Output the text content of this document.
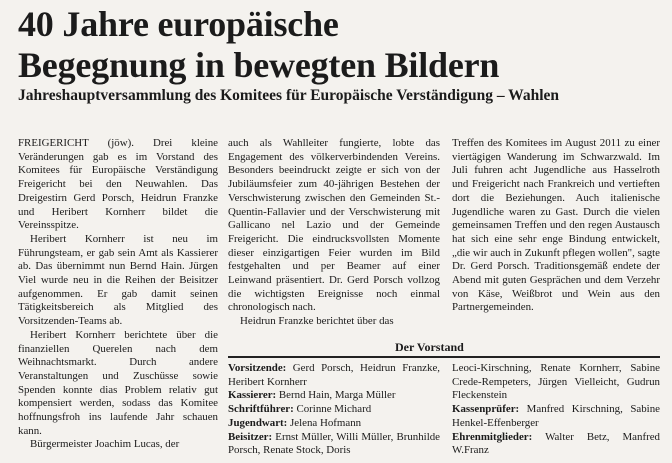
40 Jahre europäische
Begegnung in bewegten Bildern
Jahreshauptversammlung des Komitees für Europäische Verständigung – Wahlen

FREIGERICHT (jöw). Drei kleine Veränderungen gab es im Vorstand des Komitees für Europäische Verständigung Freigericht bei den Neuwahlen. Das Dreigestirn Gerd Porsch, Heidrun Franzke und Heribert Kornherr bildet die Vereinsspitze.

Heribert Kornherr ist neu im Führungsteam, er gab sein Amt als Kassierer ab. Das übernimmt nun Bernd Hain. Jürgen Viel wurde neu in die Reihen der Beisitzer aufgenommen. Er gab damit seinen Tätigkeitsbereich als Mitglied des Vorsitzenden-Teams ab.

Heribert Kornherr berichtete über die finanziellen Querelen nach dem Weihnachtsmarkt. Durch andere Veranstaltungen und Zuschüsse sowie Spenden konnte dias Problem relativ gut kompensiert werden, sodass das Komitee hoffnungsfroh ins laufende Jahr schauen kann.

Bürgermeister Joachim Lucas, der

auch als Wahlleiter fungierte, lobte das Engagement des völkerverbindenden Vereins. Besonders beeindruckt zeigte er sich von der Jubiläumsfeier zum 40-jährigen Bestehen der Verschwisterung zwischen den Gemeinden St.-Quentin-Fallavier und der Verschwisterung mit Gallicano nel Lazio und der Gemeinde Freigericht. Die eindrucksvollsten Momente dieser einzigartigen Feier wurden im Bild festgehalten und per Beamer auf einer Leinwand präsentiert. Dr. Gerd Porsch vollzog die wichtigsten Ereignisse noch einmal chronologisch nach.

Heidrun Franzke berichtet über das

Treffen des Komitees im August 2011 zu einer viertägigen Wanderung im Schwarzwald. Im Juli fuhren acht Jugendliche aus Hasselroth und Freigericht nach Frankreich und vertieften dort die Beziehungen. Auch italienische Jugendliche waren zu Gast. Durch die vielen gemeinsamen Treffen und den regen Austausch hat sich eine sehr enge Bindung entwickelt, „die wir auch in Zukunft pflegen wollen", sagte Dr. Gerd Porsch. Traditionsgemäß endete der Abend mit guten Gesprächen und dem Verzehr von Käse, Weißbrot und Wein aus den Partnergemeinden.

Der Vorstand

Vorsitzende: Gerd Porsch, Heidrun Franzke, Heribert Kornherr

Kassierer: Bernd Hain, Marga Müller

Schriftführer: Corinne Michard

Jugendwart: Jelena Hofmann

Beisitzer: Ernst Müller, Willi Müller, Brunhilde Porsch, Renate Stock, Doris

Leoci-Kirschning, Renate Kornherr, Sabine Crede-Rempeters, Jürgen Vielleicht, Gudrun Fleckenstein

Kassenprüfer: Manfred Kirschning, Sabine Henkel-Effenberger

Ehrenmitglieder: Walter Betz, Manfred W.Franz
